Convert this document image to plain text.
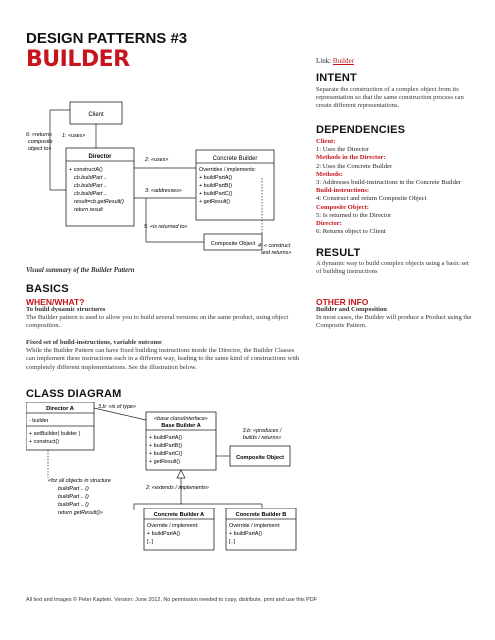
DESIGN PATTERNS #3
BUILDER	Link: Builder
INTENT
Separate the construction of a complex object from its representation so that the same construction process can create different representations.
DEPENDENCIES

Client:

1: Uses the Director

Methods in the Director:

2: Uses the Concrete Builder

Methods:

3: Addresses build-instructions in the Concrete Builder

Build-instructions:

4: Construct and return Composite Object

Composite Object:

5: Is returned to the Director

Director:

6: Returns object to Client

RESULT
A dynamic way to build complex objects using a basic set of building instructions
Client
Director
+ constructA()
cb.buildPart ..
cb.buildPart ..
cb.buildPart ..
result=cb.getResult()
return result
Concrete Builder
Overrides / implements:
+ buildPartA()
+ buildPartB()
+ buildPartC()
+ getResult()
Composite Object
6: «returns
composite
object to»
1: «uses»
2: «uses»
3: «addresses»
4: « construct
and returns»
5: «is returned to»
Visual summary of the Builder Pattern
BASICS
WHEN/WHAT?

To build dynamic structures

The Builder pattern is used to allow you to build several versions on the same product, using object composition.

Fixed set of build-instructions, variable outcome

While the Builder Pattern can have fixed building instructions inside the Director, the Builder Classes can implement these instructions each in a different way, leading to the same kind of constructions with completely different implementations. See the illustration below.

OTHER INFO

Builder and Composition

In most cases, the Builder will produce a Product using the Composite Pattern.

CLASS DIAGRAM
Director A
- builder
+ setBuilder( builder )
+ construct()
«base class/interface»
Base Builder A
+ buildPartA()
+ buildPartB()
+ buildPartC()
+ getResult()
Composite Object
3.b: «is of type»
3.b: «produces /
builds / returns»
2: «extends / implements»
«for all objects in structure
buildPart .. ()
buildPart .. ()
buildPart .. ()
return getResult()»	Concrete Builder A
Override / implement:
+ buildPartA()
[..]
Concrete Builder B
Override / implement:
+ buildPartA()
[..]
All text and images © Peter Kaptein. Version: June 2012. No permission needed to copy, distribute, print and use this PDF
